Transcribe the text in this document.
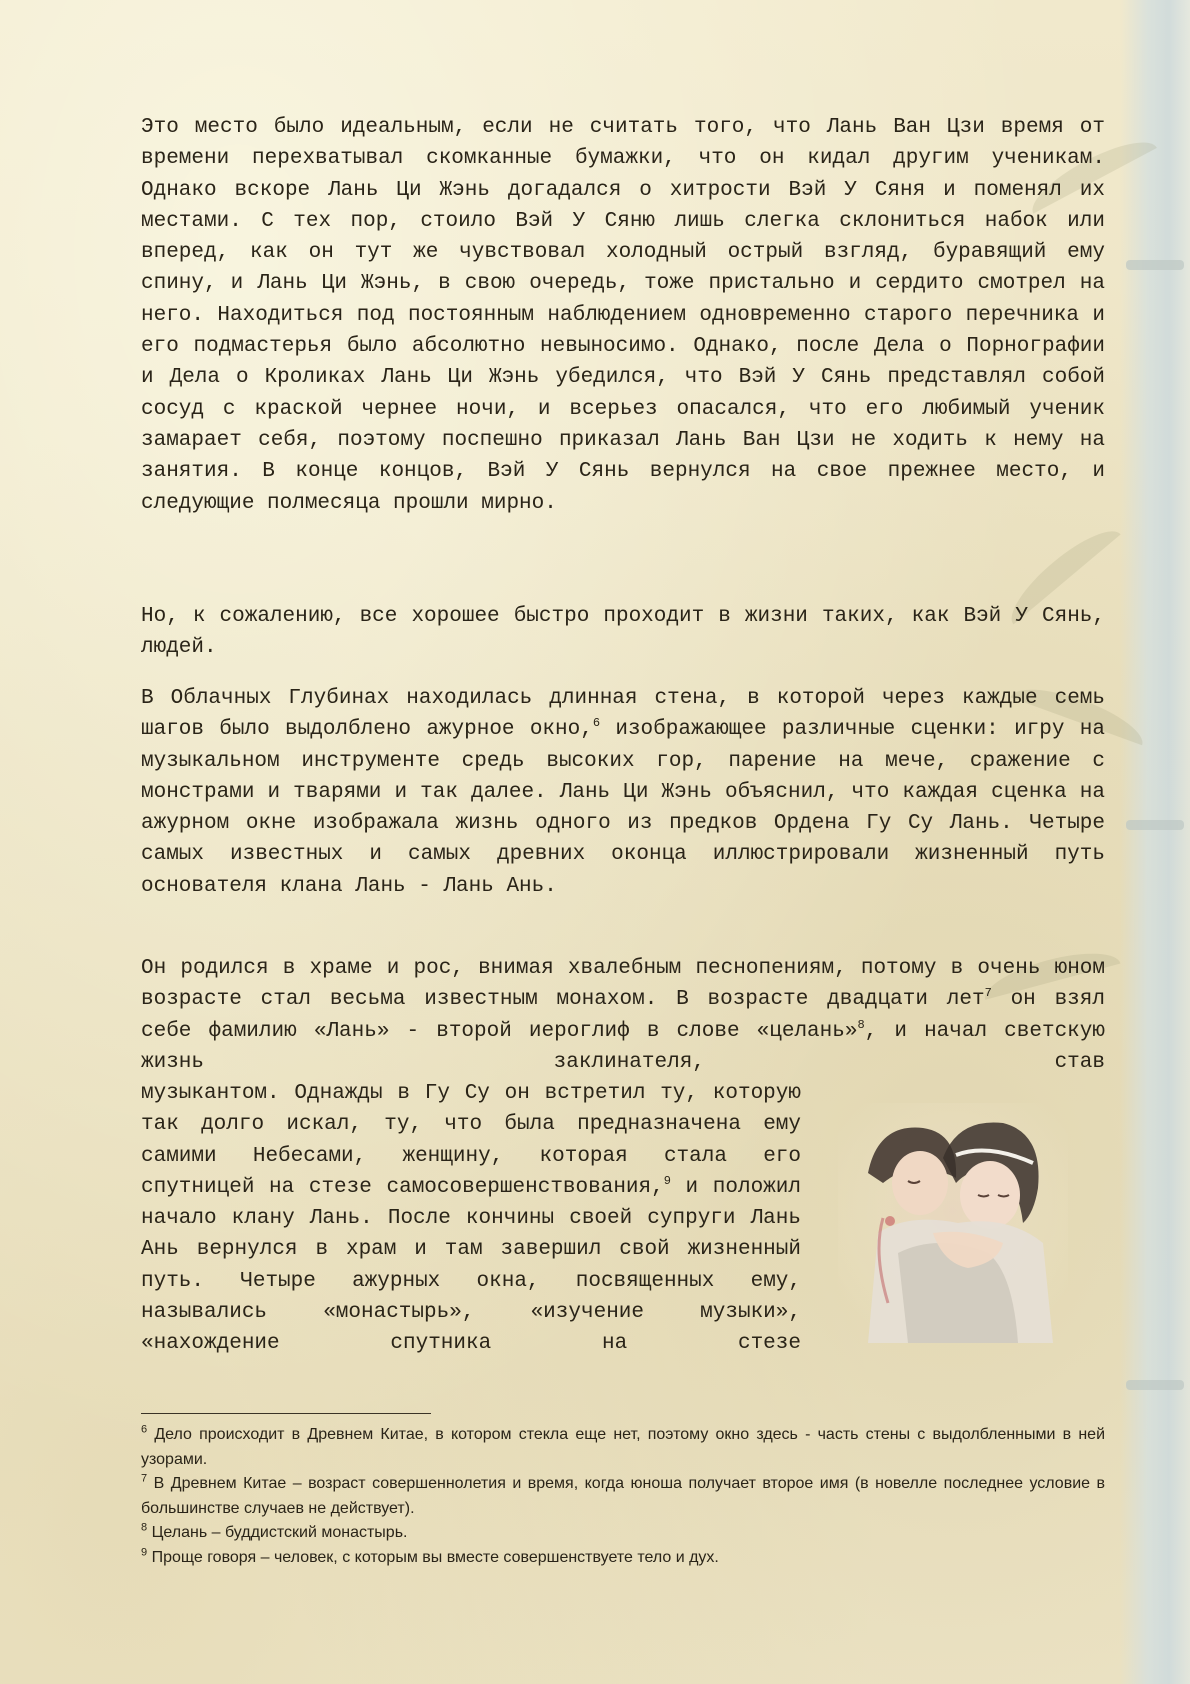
Это место было идеальным, если не считать того, что Лань Ван Цзи время от времени перехватывал скомканные бумажки, что он кидал другим ученикам. Однако вскоре Лань Ци Жэнь догадался о хитрости Вэй У Сяня и поменял их местами. С тех пор, стоило Вэй У Сяню лишь слегка склониться набок или вперед, как он тут же чувствовал холодный острый взгляд, буравящий ему спину, и Лань Ци Жэнь, в свою очередь, тоже пристально и сердито смотрел на него. Находиться под постоянным наблюдением одновременно старого перечника и его подмастерья было абсолютно невыносимо. Однако, после Дела о Порнографии и Дела о Кроликах Лань Ци Жэнь убедился, что Вэй У Сянь представлял собой сосуд с краской чернее ночи, и всерьез опасался, что его любимый ученик замарает себя, поэтому поспешно приказал Лань Ван Цзи не ходить к нему на занятия. В конце концов, Вэй У Сянь вернулся на свое прежнее место, и следующие полмесяца прошли мирно.

Но, к сожалению, все хорошее быстро проходит в жизни таких, как Вэй У Сянь, людей.

В Облачных Глубинах находилась длинная стена, в которой через каждые семь шагов было выдолблено ажурное окно,$^6$ изображающее различные сценки: игру на музыкальном инструменте средь высоких гор, парение на мече, сражение с монстрами и тварями и так далее. Лань Ци Жэнь объяснил, что каждая сценка на ажурном окне изображала жизнь одного из предков Ордена Гу Су Лань. Четыре самых известных и самых древних оконца иллюстрировали жизненный путь основателя клана Лань - Лань Ань.

Он родился в храме и рос, внимая хвалебным песнопениям, потому в очень юном возрасте стал весьма известным монахом. В возрасте двадцати лет$^7$ он взял себе фамилию «Лань» - второй иероглиф в слове «целань»$^8$, и начал светскую жизнь заклинателя, став

музыкантом. Однажды в Гу Су он встретил ту, которую так долго искал, ту, что была предназначена ему самими Небесами, женщину, которая стала его спутницей на стезе самосовершенствования,$^9$ и положил начало клану Лань. После кончины своей супруги Лань Ань вернулся в храм и там завершил свой жизненный путь. Четыре ажурных окна, посвященных ему, назывались «монастырь», «изучение музыки», «нахождение спутника на стезе

$^6$ Дело происходит в Древнем Китае, в котором стекла еще нет, поэтому окно здесь - часть стены с выдолбленными в ней узорами.

$^7$ В Древнем Китае – возраст совершеннолетия и время, когда юноша получает второе имя (в новелле последнее условие в большинстве случаев не действует).

$^8$ Целань – буддистский монастырь.

$^9$ Проще говоря – человек, с которым вы вместе совершенствуете тело и дух.
